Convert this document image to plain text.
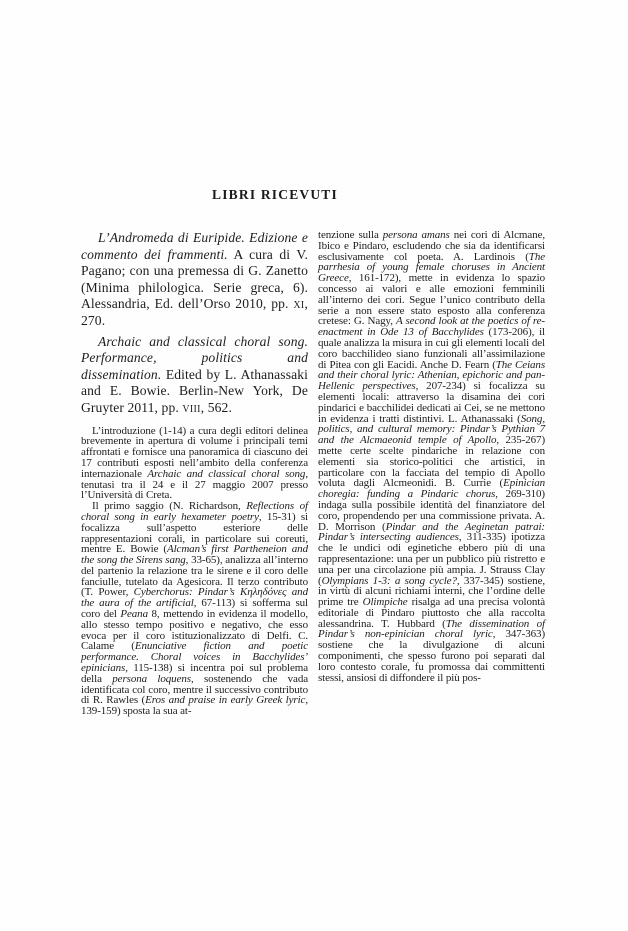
LIBRI RICEVUTI

L’Andromeda di Euripide. Edizione e commento dei frammenti. A cura di V. Pagano; con una premessa di G. Zanetto (Minima philologica. Serie greca, 6). Alessandria, Ed. dell’Orso 2010, pp. xi, 270.

Archaic and classical choral song. Performance, politics and dissemination. Edited by L. Athanassaki and E. Bowie. Berlin-New York, De Gruyter 2011, pp. viii, 562.

L’introduzione (1-14) a cura degli editori delinea brevemente in apertura di volume i principali temi affrontati e fornisce una panoramica di ciascuno dei 17 contributi esposti nell’ambito della conferenza internazionale Archaic and classical choral song, tenutasi tra il 24 e il 27 maggio 2007 presso l’Università di Creta.

Il primo saggio (N. Richardson, Reflections of choral song in early hexameter poetry, 15-31) si focalizza sull’aspetto esteriore delle rappresentazioni corali, in particolare sui coreuti, mentre E. Bowie (Alcman’s first Partheneion and the song the Sirens sang, 33-65), analizza all’interno del partenio la relazione tra le sirene e il coro delle fanciulle, tutelato da Agesicora. Il terzo contributo (T. Power, Cyberchorus: Pindar’s Κηληδόνες and the aura of the artificial, 67-113) si sofferma sul coro del Peana 8, mettendo in evidenza il modello, allo stesso tempo positivo e negativo, che esso evoca per il coro istituzionalizzato di Delfi. C. Calame (Enunciative fiction and poetic performance. Choral voices in Bacchylides’ epinicians, 115-138) si incentra poi sul problema della persona loquens, sostenendo che vada identificata col coro, mentre il successivo contributo di R. Rawles (Eros and praise in early Greek lyric, 139-159) sposta la sua at-

tenzione sulla persona amans nei cori di Alcmane, Ibico e Pindaro, escludendo che sia da identificarsi esclusivamente col poeta. A. Lardinois (The parrhesia of young female choruses in Ancient Greece, 161-172), mette in evidenza lo spazio concesso ai valori e alle emozioni femminili all’interno dei cori. Segue l’unico contributo della serie a non essere stato esposto alla conferenza cretese: G. Nagy, A second look at the poetics of re-enactment in Ode 13 of Bacchylides (173-206), il quale analizza la misura in cui gli elementi locali del coro bacchilideo siano funzionali all’assimilazione di Pitea con gli Eacidi. Anche D. Fearn (The Ceians and their choral lyric: Athenian, epichoric and pan-Hellenic perspectives, 207-234) si focalizza su elementi locali: attraverso la disamina dei cori pindarici e bacchilidei dedicati ai Cei, se ne mettono in evidenza i tratti distintivi. L. Athanassaki (Song, politics, and cultural memory: Pindar’s Pythian 7 and the Alcmaeonid temple of Apollo, 235-267) mette certe scelte pindariche in relazione con elementi sia storico-politici che artistici, in particolare con la facciata del tempio di Apollo voluta dagli Alcmeonidi. B. Currie (Epinician choregia: funding a Pindaric chorus, 269-310) indaga sulla possibile identità del finanziatore del coro, propendendo per una commissione privata. A. D. Morrison (Pindar and the Aeginetan patrai: Pindar’s intersecting audiences, 311-335) ipotizza che le undici odi eginetiche ebbero più di una rappresentazione: una per un pubblico più ristretto e una per una circolazione più ampia. J. Strauss Clay (Olympians 1-3: a song cycle?, 337-345) sostiene, in virtù di alcuni richiami interni, che l’ordine delle prime tre Olimpiche risalga ad una precisa volontà editoriale di Pindaro piuttosto che alla raccolta alessandrina. T. Hubbard (The dissemination of Pindar’s non-epinician choral lyric, 347-363) sostiene che la divulgazione di alcuni componimenti, che spesso furono poi separati dal loro contesto corale, fu promossa dai committenti stessi, ansiosi di diffondere il più pos-
